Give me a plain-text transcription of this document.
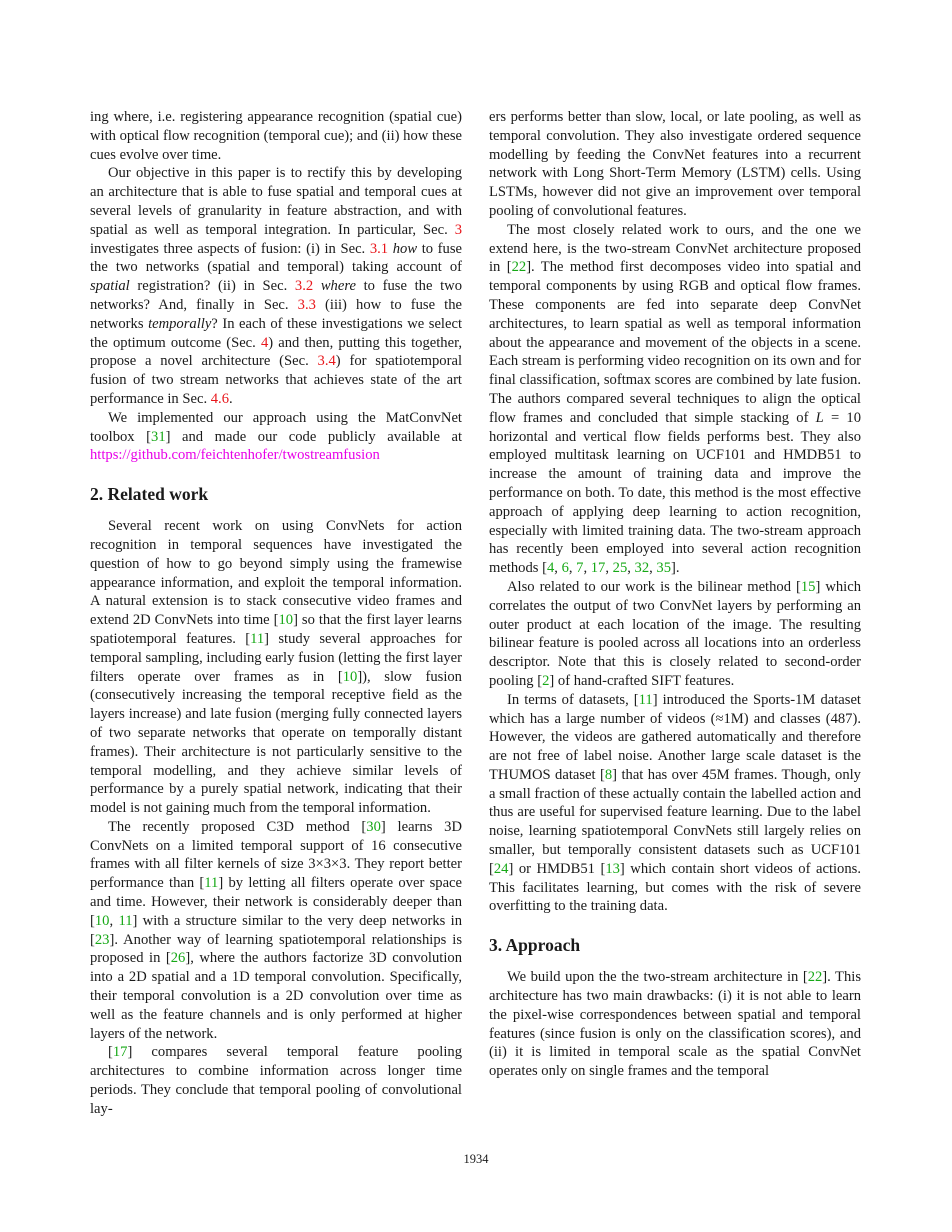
ing where, i.e. registering appearance recognition (spatial cue) with optical flow recognition (temporal cue); and (ii) how these cues evolve over time.

Our objective in this paper is to rectify this by developing an architecture that is able to fuse spatial and temporal cues at several levels of granularity in feature abstraction, and with spatial as well as temporal integration. In particular, Sec. 3 investigates three aspects of fusion: (i) in Sec. 3.1 how to fuse the two networks (spatial and temporal) taking account of spatial registration? (ii) in Sec. 3.2 where to fuse the two networks? And, finally in Sec. 3.3 (iii) how to fuse the networks temporally? In each of these investigations we select the optimum outcome (Sec. 4) and then, putting this together, propose a novel architecture (Sec. 3.4) for spatiotemporal fusion of two stream networks that achieves state of the art performance in Sec. 4.6.

We implemented our approach using the MatConvNet toolbox [31] and made our code publicly available at https://github.com/feichtenhofer/twostreamfusion

2. Related work

Several recent work on using ConvNets for action recognition in temporal sequences have investigated the question of how to go beyond simply using the framewise appearance information, and exploit the temporal information. A natural extension is to stack consecutive video frames and extend 2D ConvNets into time [10] so that the first layer learns spatiotemporal features. [11] study several approaches for temporal sampling, including early fusion (letting the first layer filters operate over frames as in [10]), slow fusion (consecutively increasing the temporal receptive field as the layers increase) and late fusion (merging fully connected layers of two separate networks that operate on temporally distant frames). Their architecture is not particularly sensitive to the temporal modelling, and they achieve similar levels of performance by a purely spatial network, indicating that their model is not gaining much from the temporal information.

The recently proposed C3D method [30] learns 3D ConvNets on a limited temporal support of 16 consecutive frames with all filter kernels of size 3×3×3. They report better performance than [11] by letting all filters operate over space and time. However, their network is considerably deeper than [10, 11] with a structure similar to the very deep networks in [23]. Another way of learning spatiotemporal relationships is proposed in [26], where the authors factorize 3D convolution into a 2D spatial and a 1D temporal convolution. Specifically, their temporal convolution is a 2D convolution over time as well as the feature channels and is only performed at higher layers of the network.

[17] compares several temporal feature pooling architectures to combine information across longer time periods. They conclude that temporal pooling of convolutional lay-

ers performs better than slow, local, or late pooling, as well as temporal convolution. They also investigate ordered sequence modelling by feeding the ConvNet features into a recurrent network with Long Short-Term Memory (LSTM) cells. Using LSTMs, however did not give an improvement over temporal pooling of convolutional features.

The most closely related work to ours, and the one we extend here, is the two-stream ConvNet architecture proposed in [22]. The method first decomposes video into spatial and temporal components by using RGB and optical flow frames. These components are fed into separate deep ConvNet architectures, to learn spatial as well as temporal information about the appearance and movement of the objects in a scene. Each stream is performing video recognition on its own and for final classification, softmax scores are combined by late fusion. The authors compared several techniques to align the optical flow frames and concluded that simple stacking of L = 10 horizontal and vertical flow fields performs best. They also employed multitask learning on UCF101 and HMDB51 to increase the amount of training data and improve the performance on both. To date, this method is the most effective approach of applying deep learning to action recognition, especially with limited training data. The two-stream approach has recently been employed into several action recognition methods [4, 6, 7, 17, 25, 32, 35].

Also related to our work is the bilinear method [15] which correlates the output of two ConvNet layers by performing an outer product at each location of the image. The resulting bilinear feature is pooled across all locations into an orderless descriptor. Note that this is closely related to second-order pooling [2] of hand-crafted SIFT features.

In terms of datasets, [11] introduced the Sports-1M dataset which has a large number of videos (≈1M) and classes (487). However, the videos are gathered automatically and therefore are not free of label noise. Another large scale dataset is the THUMOS dataset [8] that has over 45M frames. Though, only a small fraction of these actually contain the labelled action and thus are useful for supervised feature learning. Due to the label noise, learning spatiotemporal ConvNets still largely relies on smaller, but temporally consistent datasets such as UCF101 [24] or HMDB51 [13] which contain short videos of actions. This facilitates learning, but comes with the risk of severe overfitting to the training data.

3. Approach

We build upon the the two-stream architecture in [22]. This architecture has two main drawbacks: (i) it is not able to learn the pixel-wise correspondences between spatial and temporal features (since fusion is only on the classification scores), and (ii) it is limited in temporal scale as the spatial ConvNet operates only on single frames and the temporal

1934
